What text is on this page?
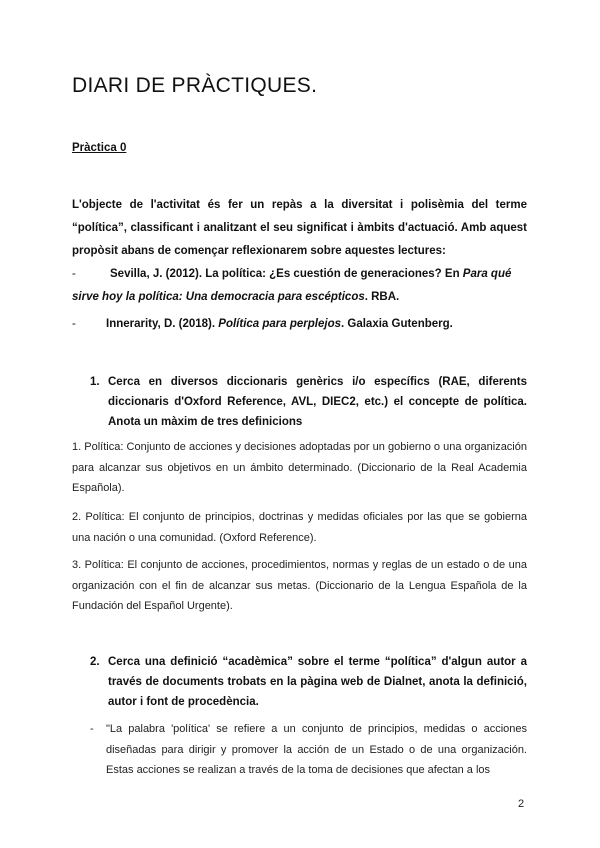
DIARI DE PRÀCTIQUES.
Pràctica 0
L'objecte de l'activitat és fer un repàs a la diversitat i polisèmia del terme “política”, classificant i analitzant el seu significat i àmbits d'actuació. Amb aquest propòsit abans de començar reflexionarem sobre aquestes lectures:
-	Sevilla, J. (2012). La política: ¿Es cuestión de generaciones? En Para qué sirve hoy la política: Una democracia para escépticos. RBA.
-	Innerarity, D. (2018). Política para perplejos. Galaxia Gutenberg.
1. Cerca en diversos diccionaris genèrics i/o específics (RAE, diferents diccionaris d'Oxford Reference, AVL, DIEC2, etc.) el concepte de política. Anota un màxim de tres definicions
1. Política: Conjunto de acciones y decisiones adoptadas por un gobierno o una organización para alcanzar sus objetivos en un ámbito determinado. (Diccionario de la Real Academia Española).
2. Política: El conjunto de principios, doctrinas y medidas oficiales por las que se gobierna una nación o una comunidad. (Oxford Reference).
3. Política: El conjunto de acciones, procedimientos, normas y reglas de un estado o de una organización con el fin de alcanzar sus metas. (Diccionario de la Lengua Española de la Fundación del Español Urgente).
2. Cerca una definició “acadèmica” sobre el terme “política” d'algun autor a través de documents trobats en la pàgina web de Dialnet, anota la definició, autor i font de procedència.
-	"La palabra 'política' se refiere a un conjunto de principios, medidas o acciones diseñadas para dirigir y promover la acción de un Estado o de una organización. Estas acciones se realizan a través de la toma de decisiones que afectan a los
2
